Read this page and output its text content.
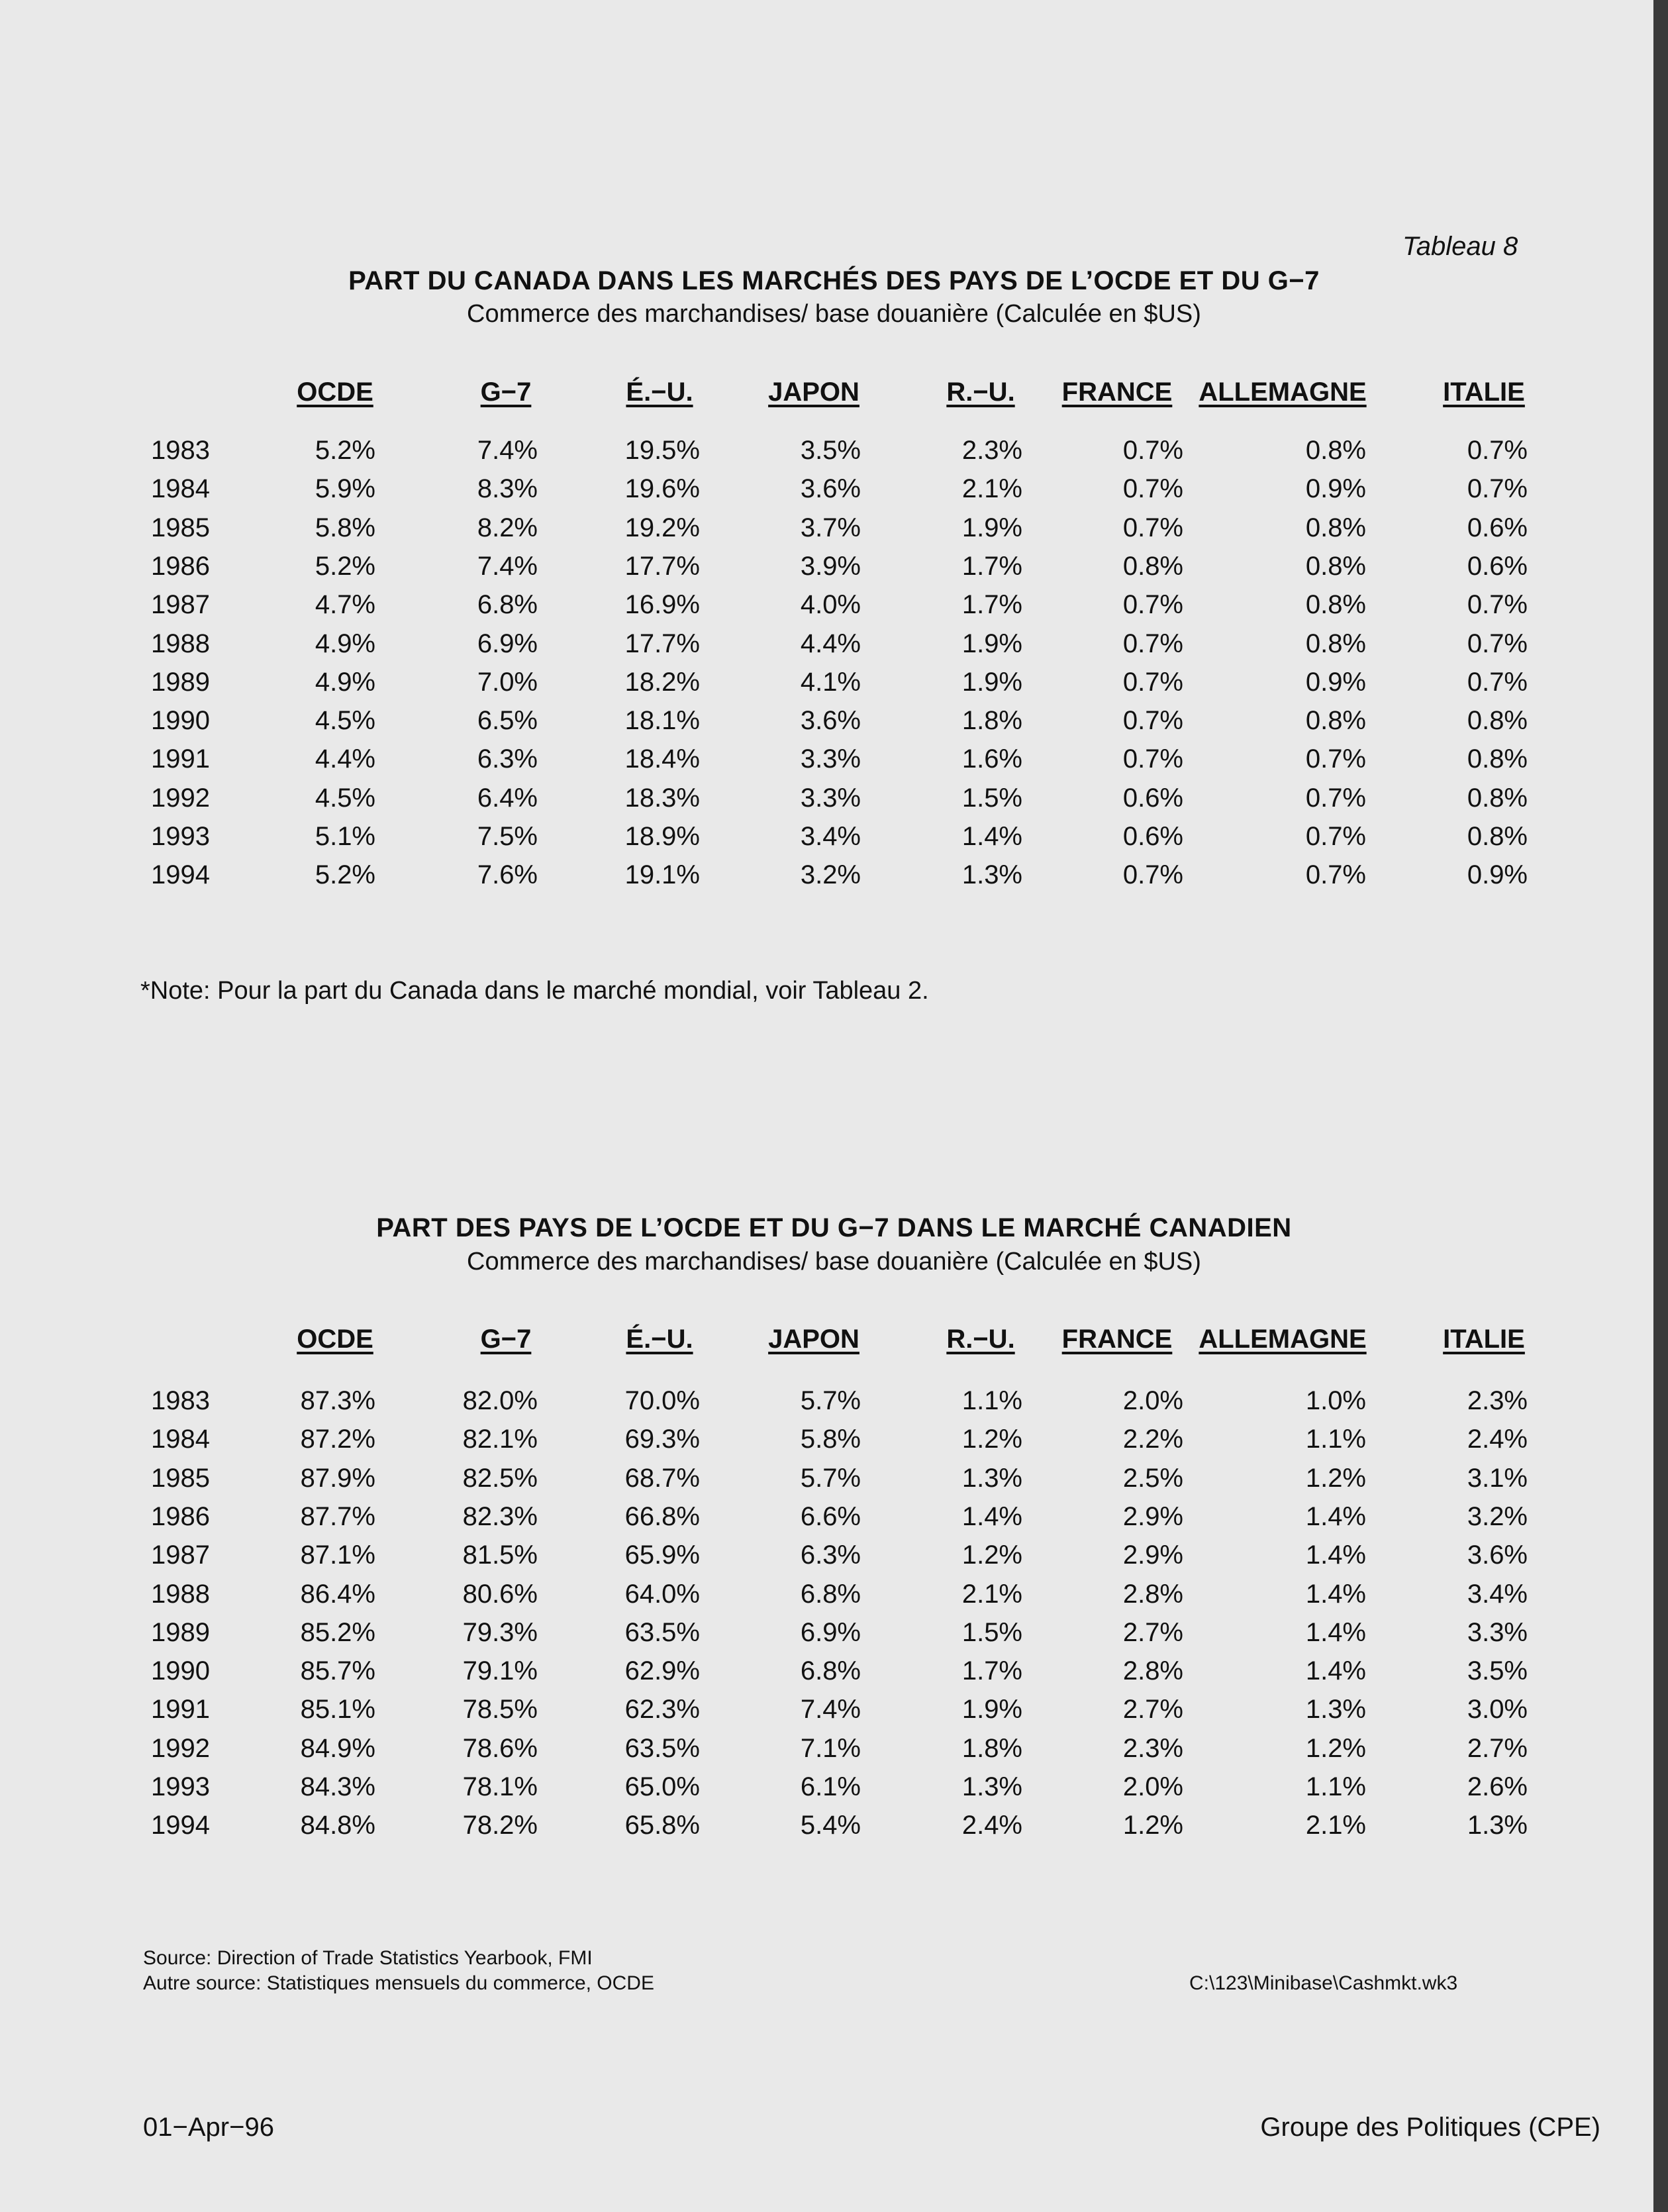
Tableau 8
PART DU CANADA DANS LES MARCHÉS DES PAYS DE L’OCDE ET DU G−7
Commerce des marchandises/ base douanière (Calculée en $US)
OCDE	G−7	É.−U.	JAPON	R.−U. FRANCE ALLEMAGNE	ITALIE
1983	5.2%	7.4%	19.5%	3.5%	2.3%	0.7%	0.8%	0.7%
1984	5.9%	8.3%	19.6%	3.6%	2.1%	0.7%	0.9%	0.7%
1985	5.8%	8.2%	19.2%	3.7%	1.9%	0.7%	0.8%	0.6%
1986	5.2%	7.4%	17.7%	3.9%	1.7%	0.8%	0.8%	0.6%
1987	4.7%	6.8%	16.9%	4.0%	1.7%	0.7%	0.8%	0.7%
1988	4.9%	6.9%	17.7%	4.4%	1.9%	0.7%	0.8%	0.7%
1989	4.9%	7.0%	18.2%	4.1%	1.9%	0.7%	0.9%	0.7%
1990	4.5%	6.5%	18.1%	3.6%	1.8%	0.7%	0.8%	0.8%
1991	4.4%	6.3%	18.4%	3.3%	1.6%	0.7%	0.7%	0.8%
1992	4.5%	6.4%	18.3%	3.3%	1.5%	0.6%	0.7%	0.8%
1993	5.1%	7.5%	18.9%	3.4%	1.4%	0.6%	0.7%	0.8%
1994	5.2%	7.6%	19.1%	3.2%	1.3%	0.7%	0.7%	0.9%
*Note: Pour la part du Canada dans le marché mondial, voir Tableau 2.
PART DES PAYS DE L’OCDE ET DU G−7 DANS LE MARCHÉ CANADIEN
Commerce des marchandises/ base douanière (Calculée en $US)
OCDE	G−7	É.−U.	JAPON	R.−U. FRANCE ALLEMAGNE	ITALIE
1983	87.3%	82.0%	70.0%	5.7%	1.1%	2.0%	1.0%	2.3%
1984	87.2%	82.1%	69.3%	5.8%	1.2%	2.2%	1.1%	2.4%
1985	87.9%	82.5%	68.7%	5.7%	1.3%	2.5%	1.2%	3.1%
1986	87.7%	82.3%	66.8%	6.6%	1.4%	2.9%	1.4%	3.2%
1987	87.1%	81.5%	65.9%	6.3%	1.2%	2.9%	1.4%	3.6%
1988	86.4%	80.6%	64.0%	6.8%	2.1%	2.8%	1.4%	3.4%
1989	85.2%	79.3%	63.5%	6.9%	1.5%	2.7%	1.4%	3.3%
1990	85.7%	79.1%	62.9%	6.8%	1.7%	2.8%	1.4%	3.5%
1991	85.1%	78.5%	62.3%	7.4%	1.9%	2.7%	1.3%	3.0%
1992	84.9%	78.6%	63.5%	7.1%	1.8%	2.3%	1.2%	2.7%
1993	84.3%	78.1%	65.0%	6.1%	1.3%	2.0%	1.1%	2.6%
1994	84.8%	78.2%	65.8%	5.4%	2.4%	1.2%	2.1%	1.3%
Source: Direction of Trade Statistics Yearbook, FMI
Autre source: Statistiques mensuels du commerce, OCDE	C:\123\Minibase\Cashmkt.wk3
01−Apr−96	Groupe des Politiques (CPE)
